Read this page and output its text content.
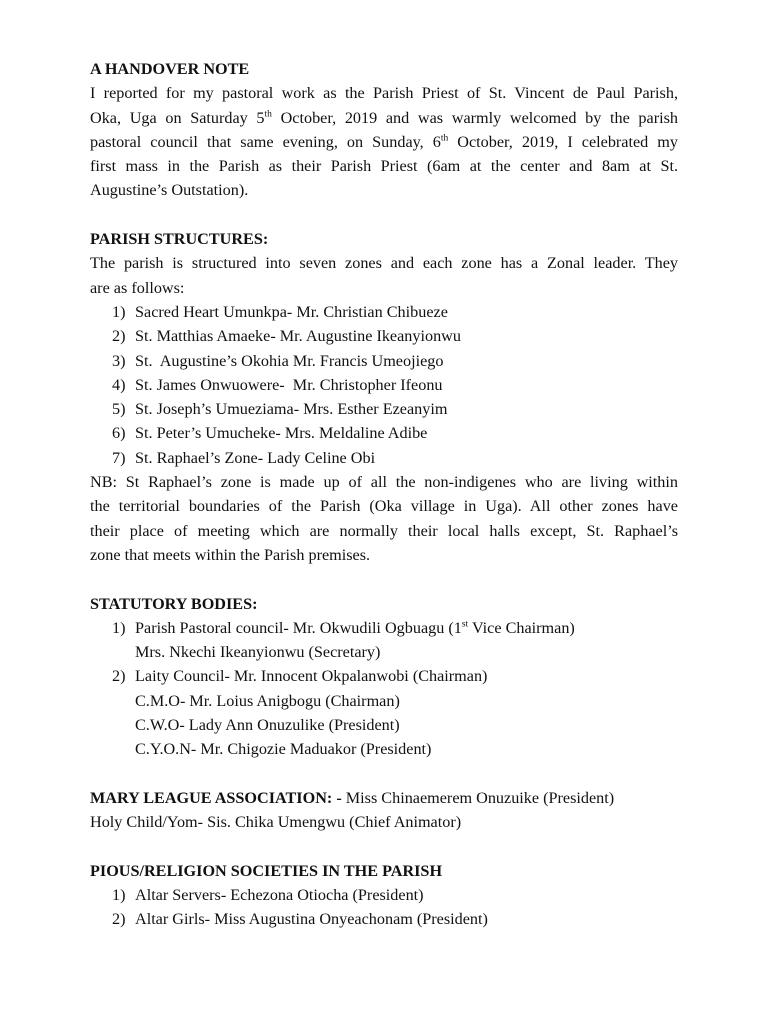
A HANDOVER NOTE
I reported for my pastoral work as the Parish Priest of St. Vincent de Paul Parish,
Oka, Uga on Saturday 5th October, 2019 and was warmly welcomed by the parish
pastoral council that same evening, on Sunday, 6th October, 2019, I celebrated my
first mass in the Parish as their Parish Priest (6am at the center and 8am at St.
Augustine’s Outstation).
PARISH STRUCTURES:
The parish is structured into seven zones and each zone has a Zonal leader. They
are as follows:
1) Sacred Heart Umunkpa- Mr. Christian Chibueze
2) St. Matthias Amaeke- Mr. Augustine Ikeanyionwu
3) St.  Augustine’s Okohia Mr. Francis Umeojiego
4) St. James Onwuowere-  Mr. Christopher Ifeonu
5) St. Joseph’s Umueziama- Mrs. Esther Ezeanyim
6) St. Peter’s Umucheke- Mrs. Meldaline Adibe
7) St. Raphael’s Zone- Lady Celine Obi
NB: St Raphael’s zone is made up of all the non-indigenes who are living within
the territorial boundaries of the Parish (Oka village in Uga). All other zones have
their place of meeting which are normally their local halls except, St. Raphael’s
zone that meets within the Parish premises.
STATUTORY BODIES:
1) Parish Pastoral council- Mr. Okwudili Ogbuagu (1st Vice Chairman)
Mrs. Nkechi Ikeanyionwu (Secretary)
2) Laity Council- Mr. Innocent Okpalanwobi (Chairman)
C.M.O- Mr. Loius Anigbogu (Chairman)
C.W.O- Lady Ann Onuzulike (President)
C.Y.O.N- Mr. Chigozie Maduakor (President)
MARY LEAGUE ASSOCIATION: - Miss Chinaemerem Onuzuike (President)
Holy Child/Yom- Sis. Chika Umengwu (Chief Animator)
PIOUS/RELIGION SOCIETIES IN THE PARISH
1) Altar Servers- Echezona Otiocha (President)
2) Altar Girls- Miss Augustina Onyeachonam (President)
